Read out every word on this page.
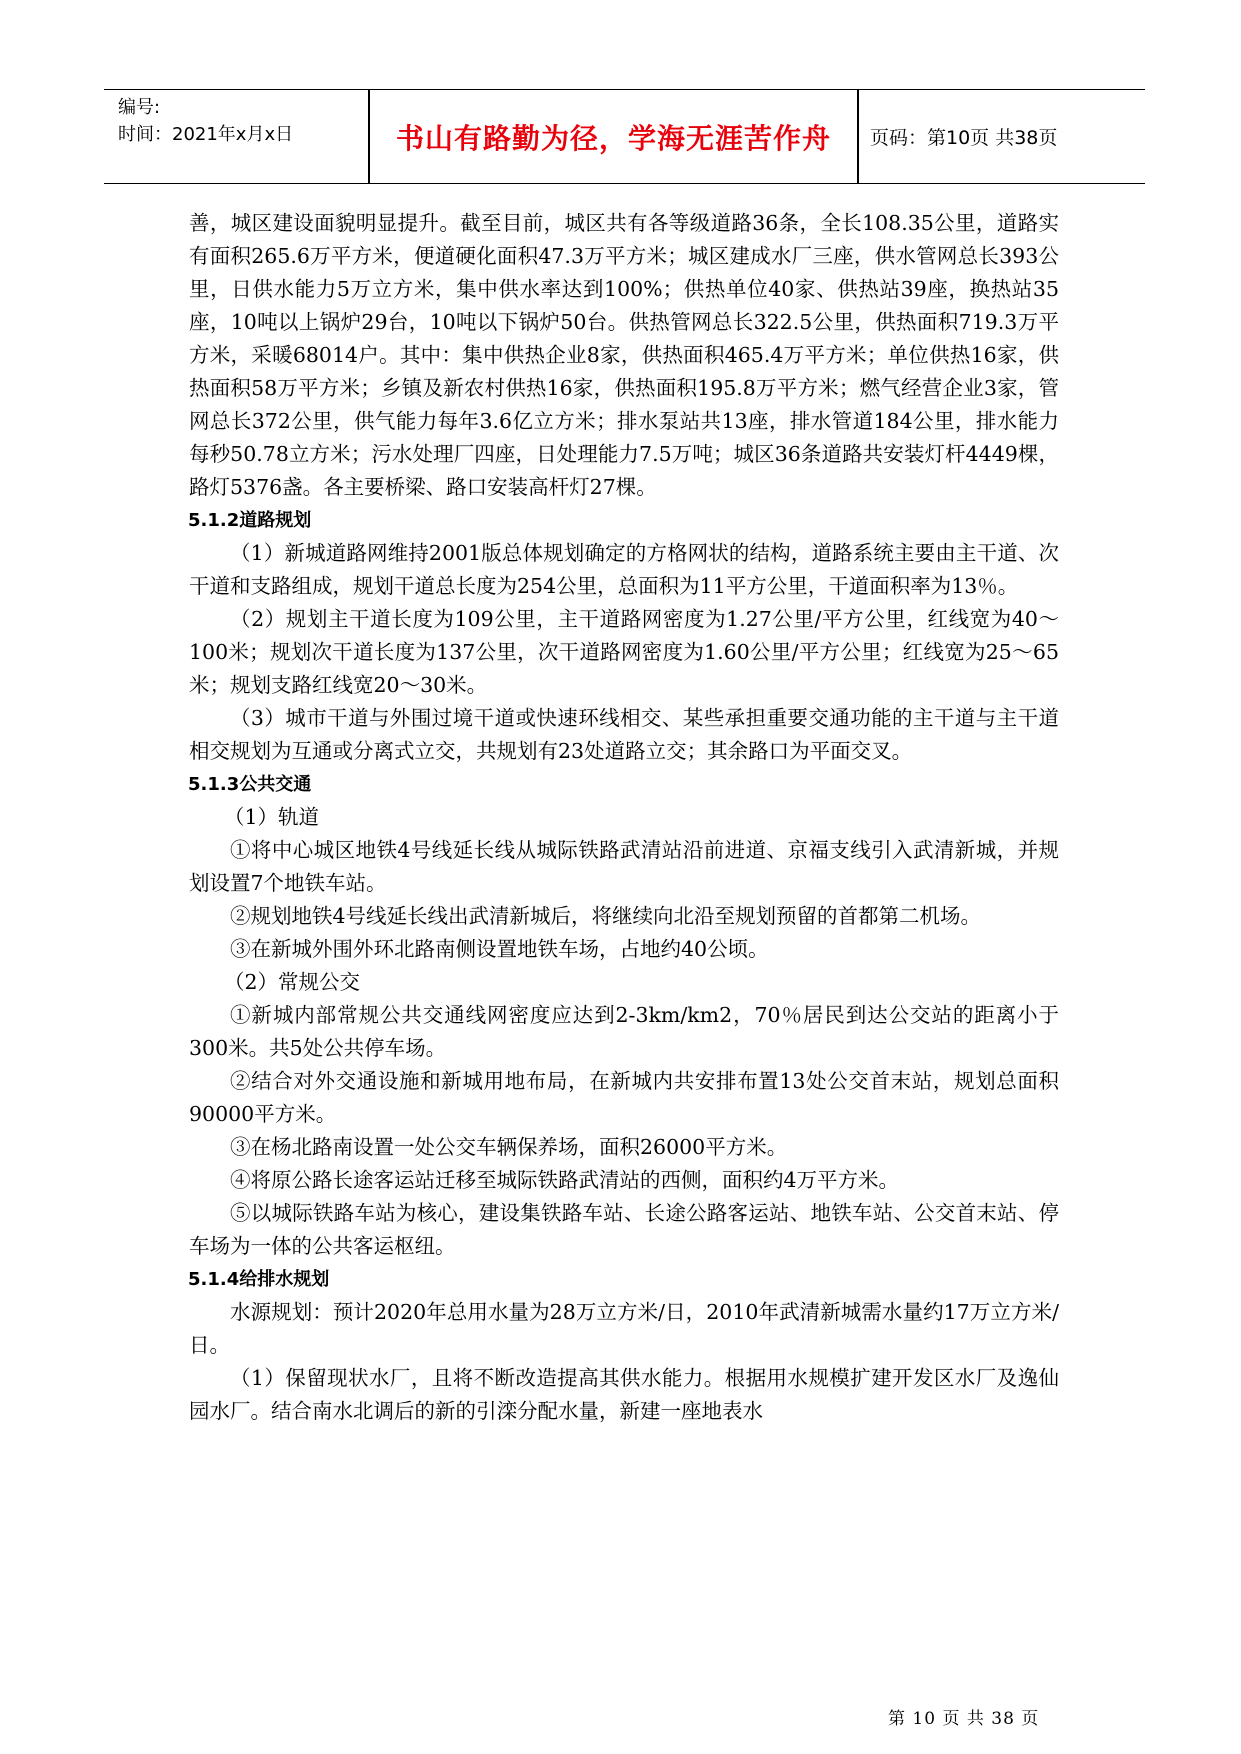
编号:
时间：2021年x月x日	书山有路勤为径，学海无涯苦作舟	页码：第10页 共38页

善，城区建设面貌明显提升。截至目前，城区共有各等级道路36条，全长108.35公里，道路实有面积265.6万平方米，便道硬化面积47.3万平方米；城区建成水厂三座，供水管网总长393公里，日供水能力5万立方米，集中供水率达到100%；供热单位40家、供热站39座，换热站35座，10吨以上锅炉29台，10吨以下锅炉50台。供热管网总长322.5公里，供热面积719.3万平方米，采暖68014户。其中：集中供热企业8家，供热面积465.4万平方米；单位供热16家，供热面积58万平方米；乡镇及新农村供热16家，供热面积195.8万平方米；燃气经营企业3家，管网总长372公里，供气能力每年3.6亿立方米；排水泵站共13座，排水管道184公里，排水能力每秒50.78立方米；污水处理厂四座，日处理能力7.5万吨；城区36条道路共安装灯杆4449棵，路灯5376盏。各主要桥梁、路口安装高杆灯27棵。

5.1.2道路规划

（1）新城道路网维持2001版总体规划确定的方格网状的结构，道路系统主要由主干道、次干道和支路组成，规划干道总长度为254公里，总面积为11平方公里，干道面积率为13％。

（2）规划主干道长度为109公里，主干道路网密度为1.27公里/平方公里，红线宽为40～100米；规划次干道长度为137公里，次干道路网密度为1.60公里/平方公里；红线宽为25～65米；规划支路红线宽20～30米。

（3）城市干道与外围过境干道或快速环线相交、某些承担重要交通功能的主干道与主干道相交规划为互通或分离式立交，共规划有23处道路立交；其余路口为平面交叉。

5.1.3公共交通

（1）轨道

①将中心城区地铁4号线延长线从城际铁路武清站沿前进道、京福支线引入武清新城，并规划设置7个地铁车站。

②规划地铁4号线延长线出武清新城后，将继续向北沿至规划预留的首都第二机场。

③在新城外围外环北路南侧设置地铁车场，占地约40公顷。

（2）常规公交

①新城内部常规公共交通线网密度应达到2-3km/km2，70％居民到达公交站的距离小于300米。共5处公共停车场。

②结合对外交通设施和新城用地布局，在新城内共安排布置13处公交首末站，规划总面积90000平方米。

③在杨北路南设置一处公交车辆保养场，面积26000平方米。

④将原公路长途客运站迁移至城际铁路武清站的西侧，面积约4万平方米。

⑤以城际铁路车站为核心，建设集铁路车站、长途公路客运站、地铁车站、公交首末站、停车场为一体的公共客运枢纽。

5.1.4给排水规划

水源规划：预计2020年总用水量为28万立方米/日，2010年武清新城需水量约17万立方米/日。

（1）保留现状水厂，且将不断改造提高其供水能力。根据用水规模扩建开发区水厂及逸仙园水厂。结合南水北调后的新的引滦分配水量，新建一座地表水

第 10 页 共 38 页
